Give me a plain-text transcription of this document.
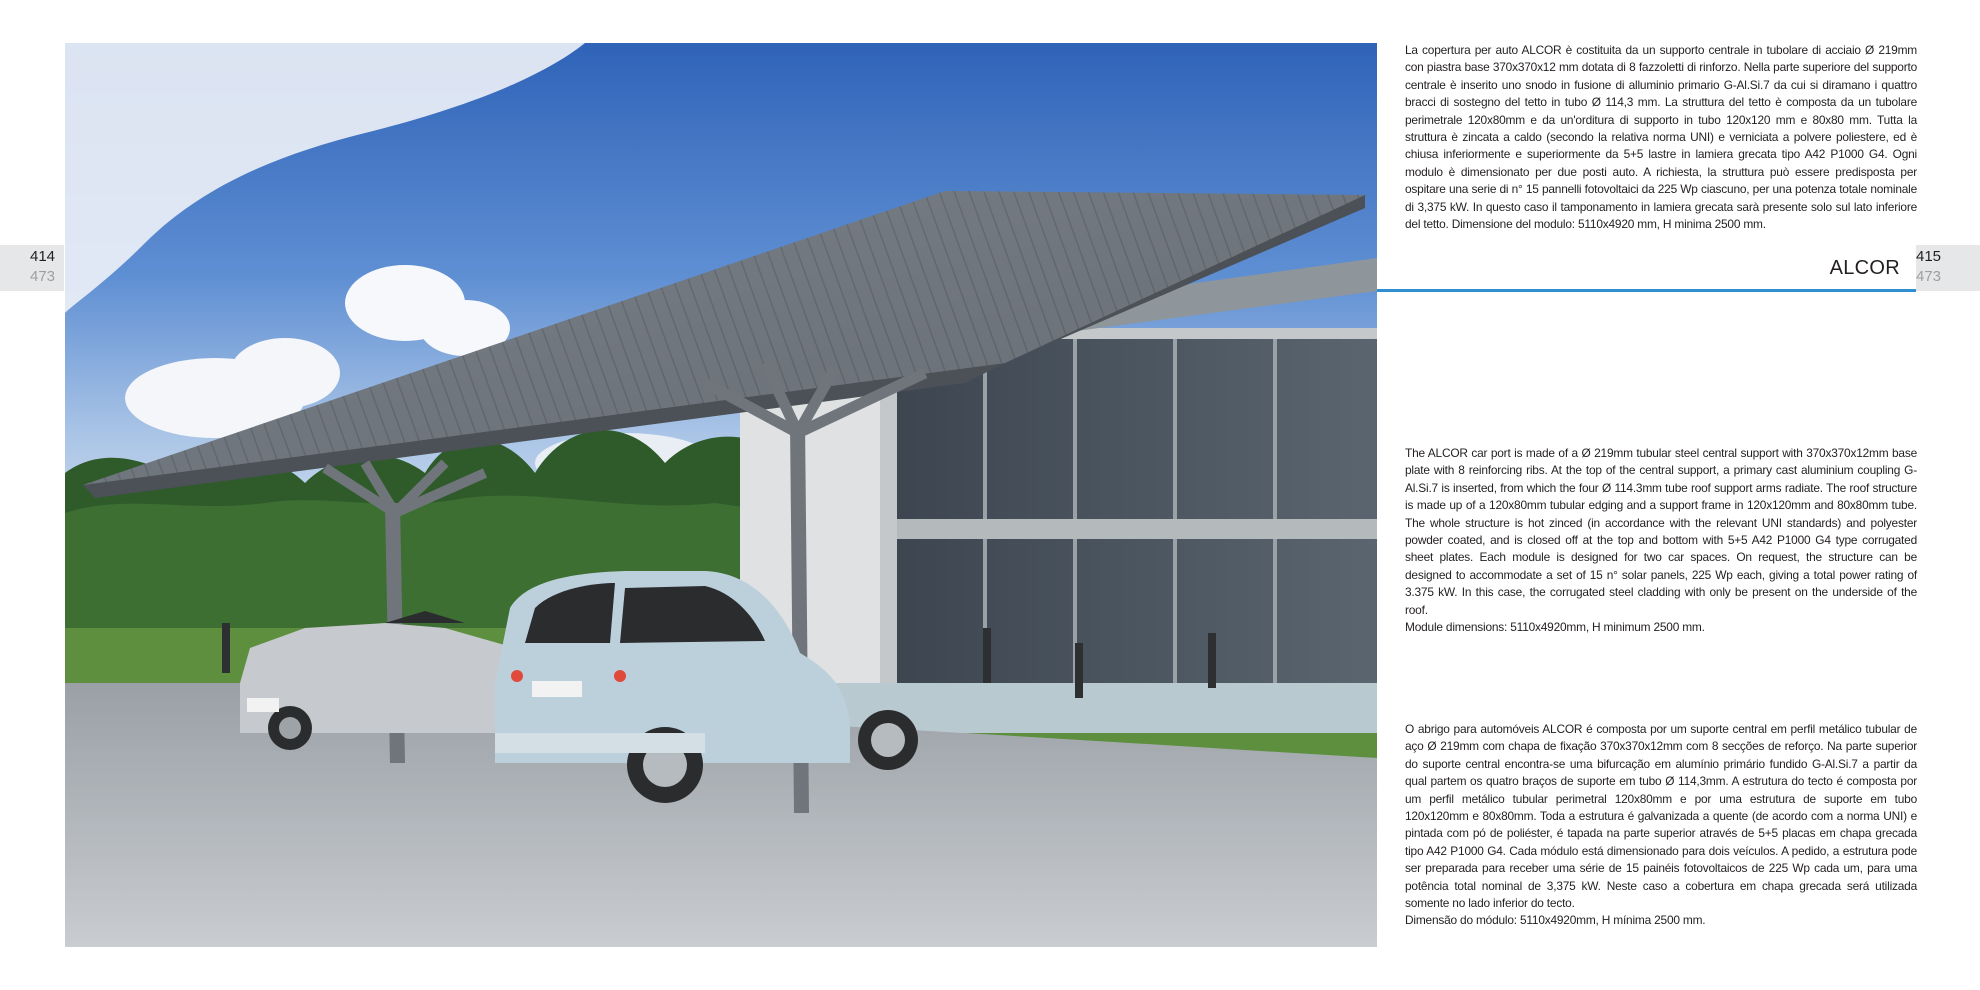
414
473
415
473

La copertura per auto ALCOR è costituita da un supporto centrale in tubolare di acciaio Ø 219mm con piastra base 370x370x12 mm dotata di 8 fazzoletti di rinforzo. Nella parte superiore del supporto centrale è inserito uno snodo in fusione di alluminio primario G-Al.Si.7 da cui si diramano i quattro bracci di sostegno del tetto in tubo Ø 114,3 mm. La struttura del tetto è composta da un tubolare perimetrale 120x80mm e da un'orditura di supporto in tubo 120x120 mm e 80x80 mm. Tutta la struttura è zincata a caldo (secondo la relativa norma UNI) e verniciata a polvere poliestere, ed è chiusa inferiormente e superiormente da 5+5 lastre in lamiera grecata tipo A42 P1000 G4. Ogni modulo è dimensionato per due posti auto. A richiesta, la struttura può essere predisposta per ospitare una serie di n° 15 pannelli fotovoltaici da 225 Wp ciascuno, per una potenza totale nominale di 3,375 kW. In questo caso il tamponamento in lamiera grecata sarà presente solo sul lato inferiore del tetto. Dimensione del modulo: 5110x4920 mm, H minima 2500 mm.

ALCOR
The ALCOR car port is made of a Ø 219mm tubular steel central support with 370x370x12mm base plate with 8 reinforcing ribs. At the top of the central support, a primary cast aluminium coupling G-Al.Si.7 is inserted, from which the four Ø 114.3mm tube roof support arms radiate. The roof structure is made up of a 120x80mm tubular edging and a support frame in 120x120mm and 80x80mm tube. The whole structure is hot zinced (in accordance with the relevant UNI standards) and polyester powder coated, and is closed off at the top and bottom with 5+5 A42 P1000 G4 type corrugated sheet plates. Each module is designed for two car spaces. On request, the structure can be designed to accommodate a set of 15 n° solar panels, 225 Wp each, giving a total power rating of 3.375 kW. In this case, the corrugated steel cladding with only be present on the underside of the roof.
Module dimensions: 5110x4920mm, H minimum 2500 mm.
O abrigo para automóveis ALCOR é composta por um suporte central em perfil metálico tubular de aço Ø 219mm com chapa de fixação 370x370x12mm com 8 secções de reforço. Na parte superior do suporte central encontra-se uma bifurcação em alumínio primário fundido G-Al.Si.7 a partir da qual partem os quatro braços de suporte em tubo Ø 114,3mm. A estrutura do tecto é composta por um perfil metálico tubular perimetral 120x80mm e por uma estrutura de suporte em tubo 120x120mm e 80x80mm. Toda a estrutura é galvanizada a quente (de acordo com a norma UNI) e pintada com pó de poliéster, é tapada na parte superior através de 5+5 placas em chapa grecada tipo A42 P1000 G4. Cada módulo está dimensionado para dois veículos. A pedido, a estrutura pode ser preparada para receber uma série de 15 painéis fotovoltaicos de 225 Wp cada um, para uma potência total nominal de 3,375 kW. Neste caso a cobertura em chapa grecada será utilizada somente no lado inferior do tecto.
Dimensão do módulo: 5110x4920mm, H mínima 2500 mm.
